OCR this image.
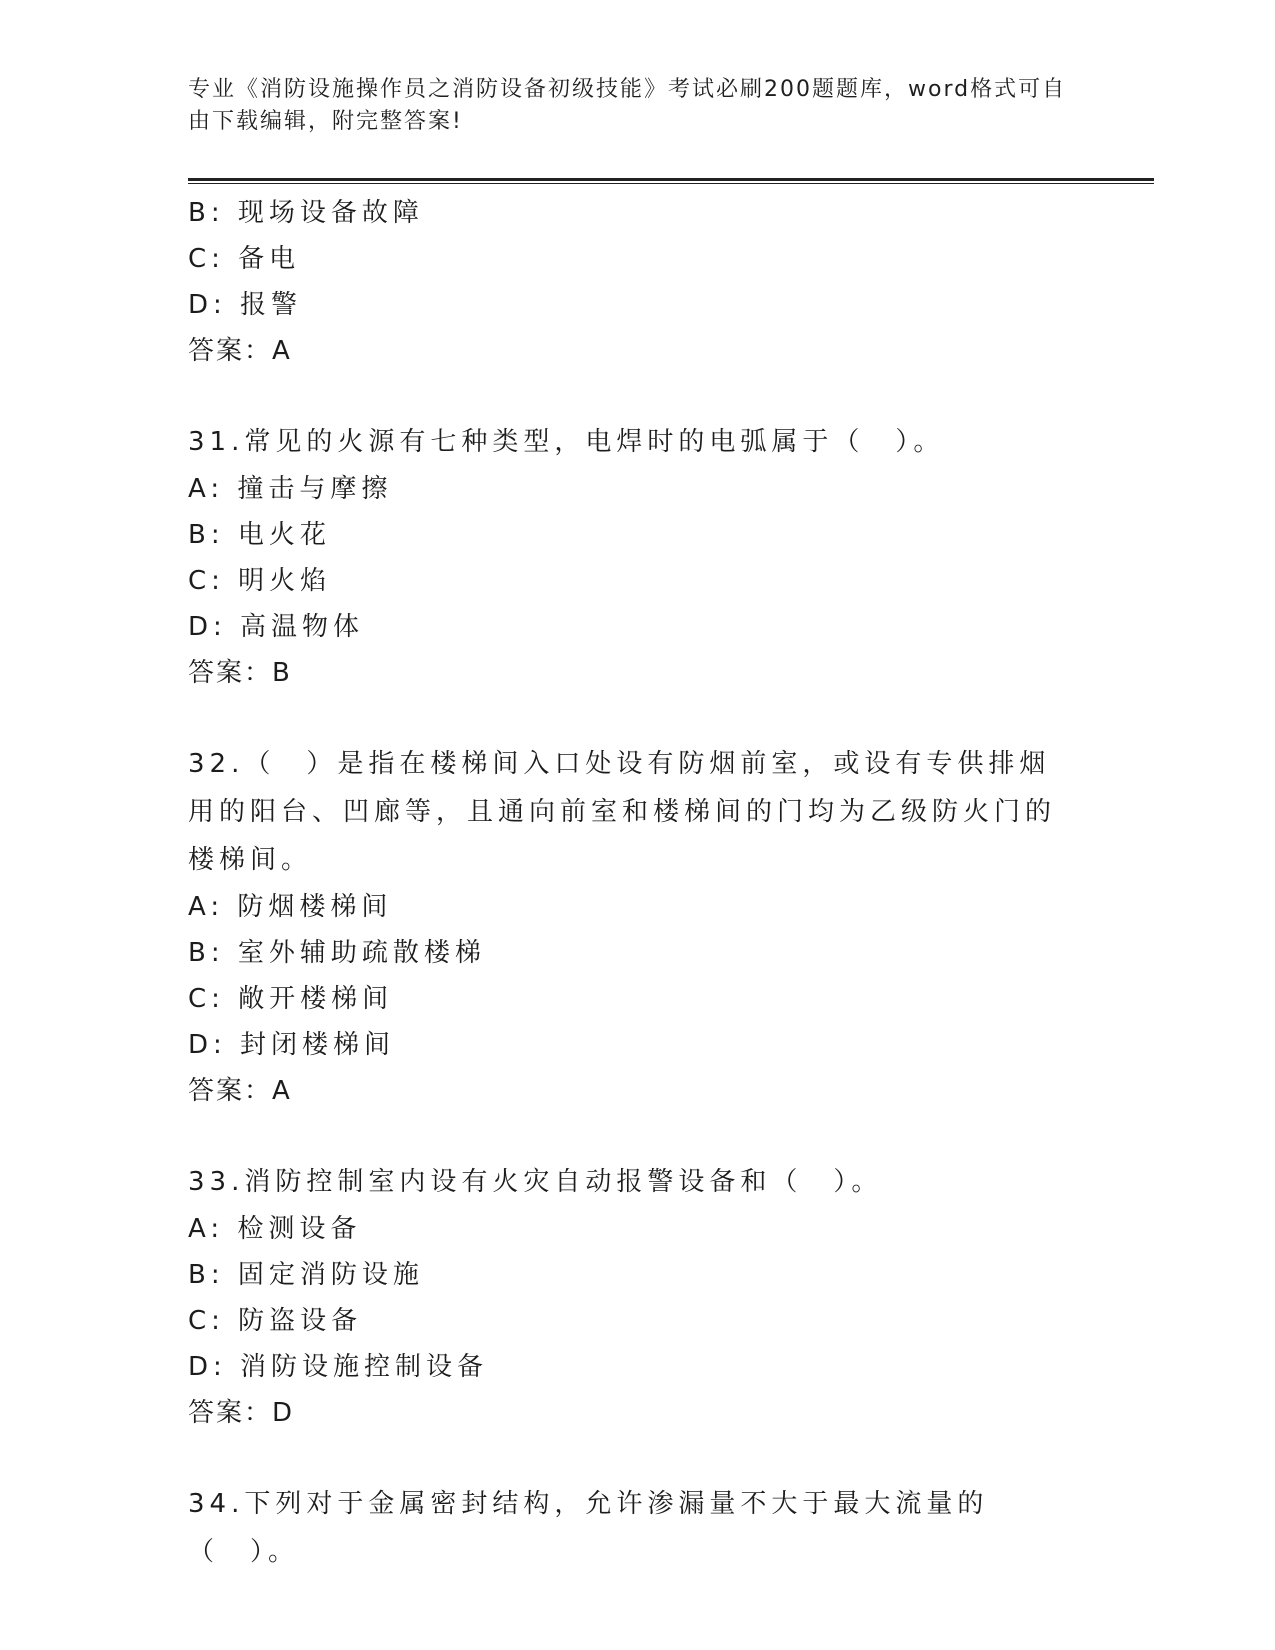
专业《消防设施操作员之消防设备初级技能》考试必刷200题题库，word格式可自由下载编辑，附完整答案!
B: 现场设备故障
C: 备电
D: 报警
答案：A
31.常见的火源有七种类型，电焊时的电弧属于（　）。
A: 撞击与摩擦
B: 电火花
C: 明火焰
D: 高温物体
答案：B
32.（　）是指在楼梯间入口处设有防烟前室，或设有专供排烟用的阳台、凹廊等，且通向前室和楼梯间的门均为乙级防火门的楼梯间。
A: 防烟楼梯间
B: 室外辅助疏散楼梯
C: 敞开楼梯间
D: 封闭楼梯间
答案：A
33.消防控制室内设有火灾自动报警设备和（　）。
A: 检测设备
B: 固定消防设施
C: 防盗设备
D: 消防设施控制设备
答案：D
34.下列对于金属密封结构，允许渗漏量不大于最大流量的（　）。
